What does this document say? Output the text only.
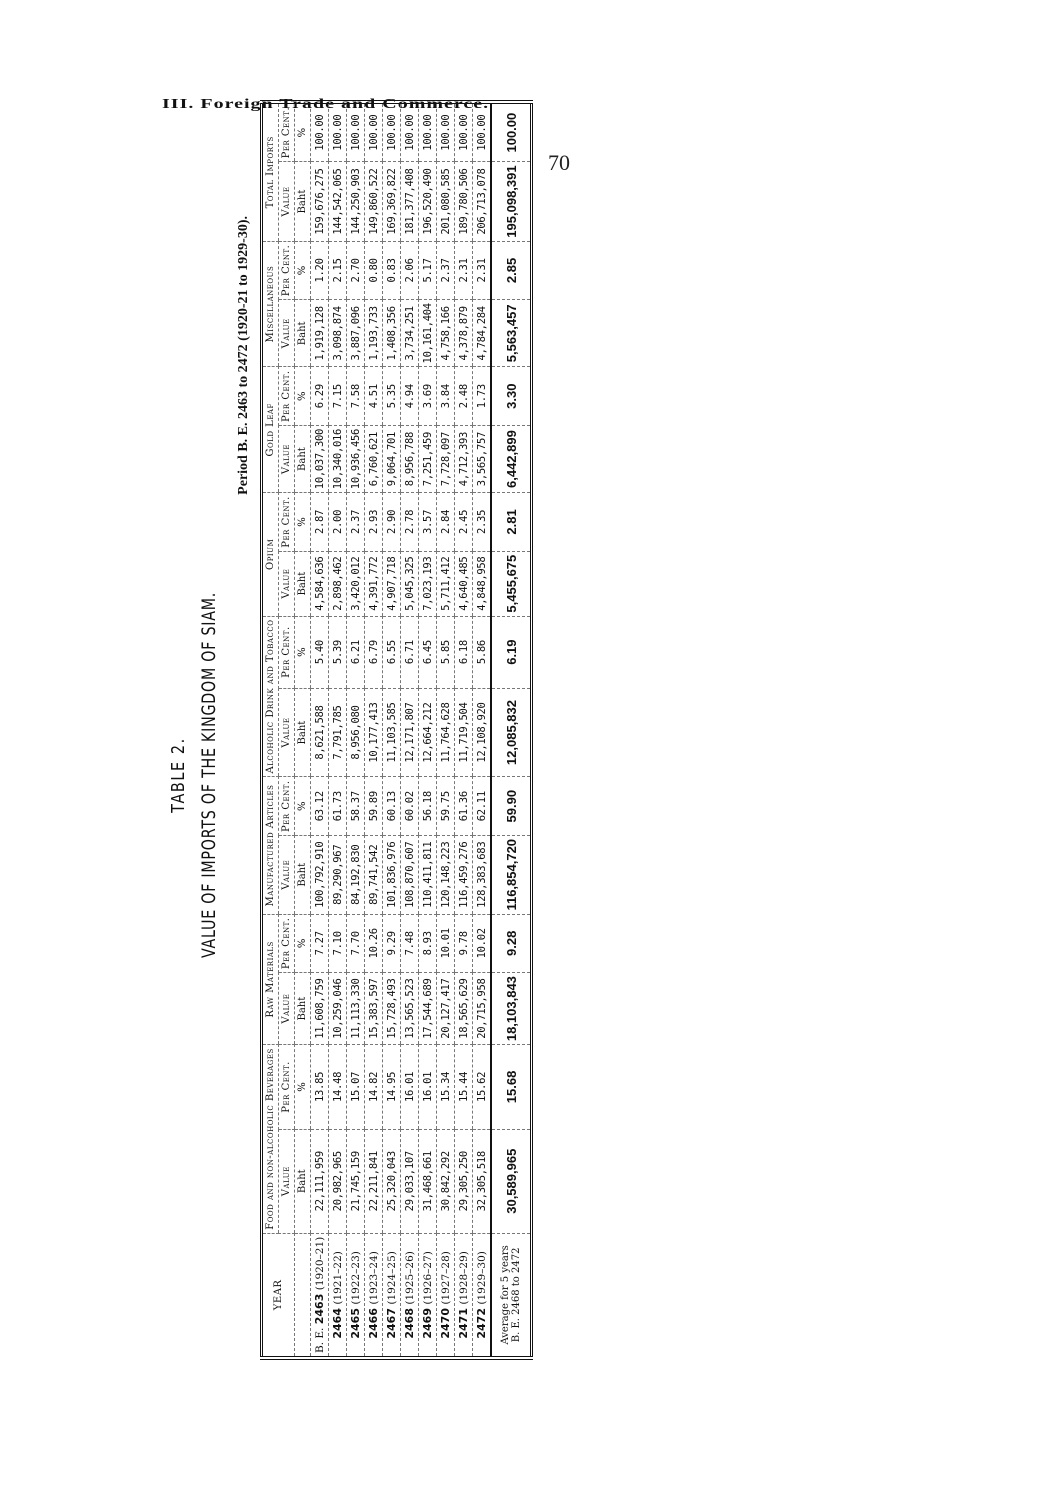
III. Foreign Trade and Commerce.
70
TABLE 2. VALUE OF IMPORTS OF THE KINGDOM OF SIAM.
Period B. E. 2463 to 2472 (1920-21 to 1929-30).
YEAR	Food and non-alcoholic Beverages		Raw Materials		Manufactured Articles		Alcoholic Drink and Tobacco		Opium		Gold Leaf		Miscellaneous		Total Imports	
	Value	Per Cent.	Value	Per Cent.	Value	Per Cent.	Value	Per Cent.	Value	Per Cent.	Value	Per Cent.	Value	Per Cent.	Value	Per Cent.
	Baht	%	Baht	%	Baht	%	Baht	%	Baht	%	Baht	%	Baht	%	Baht	%
B. E. 2463 (1920–21)	22,111,959	13.85	11,608,759	7.27	100,792,910	63.12	8,621,588	5.40	4,584,636	2.87	10,037,300	6.29	1,919,128	1.20	159,676,275	100.00
2464 (1921–22)	20,982,965	14.48	10,259,046	7.10	89,290,967	61.73	7,791,785	5.39	2,898,462	2.00	10,340,016	7.15	3,098,874	2.15	144,542,065	100.00
2465 (1922–23)	21,745,159	15.07	11,113,330	7.70	84,192,830	58.37	8,956,080	6.21	3,420,012	2.37	10,936,456	7.58	3,887,096	2.70	144,250,903	100.00
2466 (1923–24)	22,211,841	14.82	15,383,597	10.26	89,741,542	59.89	10,177,413	6.79	4,391,772	2.93	6,760,621	4.51	1,193,733	0.80	149,860,522	100.00
2467 (1924–25)	25,320,043	14.95	15,728,493	9.29	101,836,976	60.13	11,103,585	6.55	4,907,718	2.90	9,064,701	5.35	1,408,356	0.83	169,369,822	100.00
2468 (1925–26)	29,033,107	16.01	13,565,523	7.48	108,870,607	60.02	12,171,807	6.71	5,045,325	2.78	8,956,788	4.94	3,734,251	2.06	181,377,408	100.00
2469 (1926–27)	31,468,661	16.01	17,544,689	8.93	110,411,811	56.18	12,664,212	6.45	7,023,193	3.57	7,251,459	3.69	10,161,404	5.17	196,520,490	100.00
2470 (1927–28)	30,842,292	15.34	20,127,417	10.01	120,148,223	59.75	11,764,628	5.85	5,711,412	2.84	7,728,097	3.84	4,758,166	2.37	201,080,585	100.00
2471 (1928–29)	29,305,250	15.44	18,565,629	9.78	116,459,276	61.36	11,719,504	6.18	4,640,485	2.45	4,712,393	2.48	4,378,879	2.31	189,780,506	100.00
2472 (1929–30)	32,305,518	15.62	20,715,958	10.02	128,383,683	62.11	12,108,920	5.86	4,848,958	2.35	3,565,757	1.73	4,784,284	2.31	206,713,078	100.00

Average for 5 years B. E. 2468 to 2472	30,589,965	15.68	18,103,843	9.28	116,854,720	59.90	12,085,832	6.19	5,455,675	2.81	6,442,899	3.30	5,563,457	2.85	195,098,391	100.00
